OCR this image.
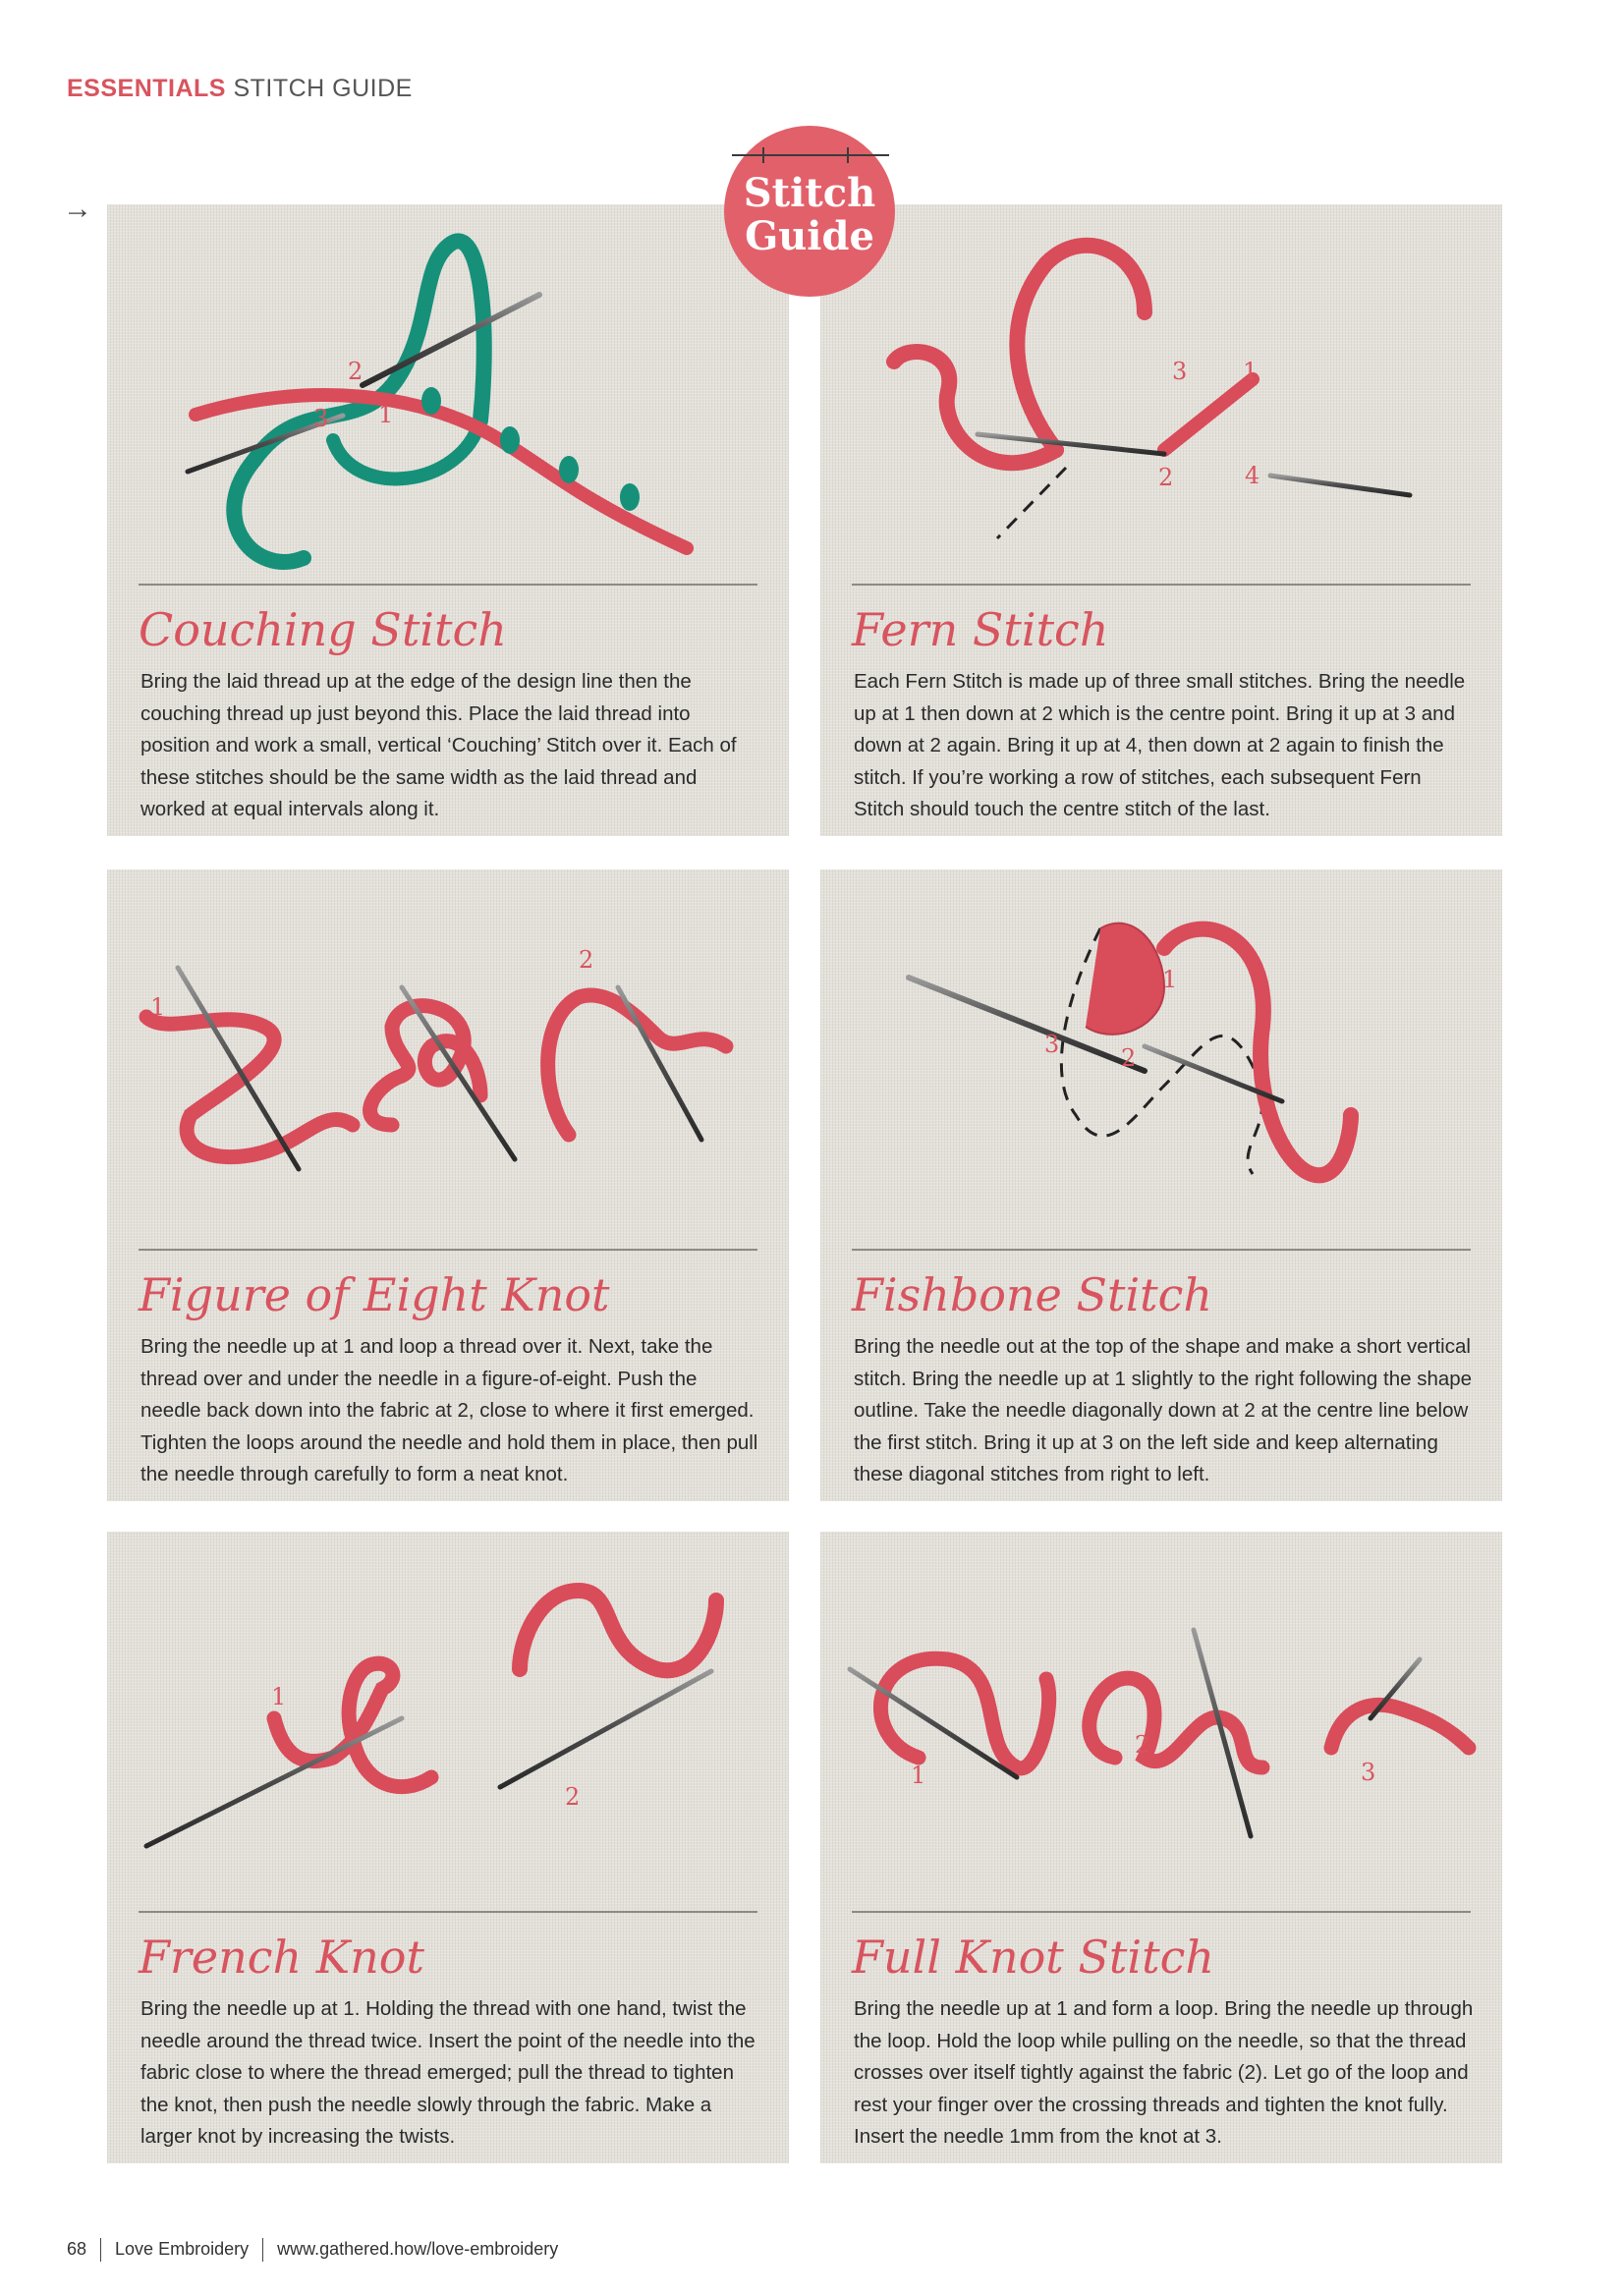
ESSENTIALS STITCH GUIDE
→	Stitch
Guide
2
3 1
Couching Stitch
Bring the laid thread up at the edge of the design line then the couching thread up just beyond this. Place the laid thread into position and work a small, vertical ‘Couching’ Stitch over it. Each of these stitches should be the same width as the laid thread and worked at equal intervals along it.
3 1
2	4
Fern Stitch
Each Fern Stitch is made up of three small stitches. Bring the needle up at 1 then down at 2 which is the centre point. Bring it up at 3 and down at 2 again. Bring it up at 4, then down at 2 again to finish the stitch. If you’re working a row of stitches, each subsequent Fern Stitch should touch the centre stitch of the last.
1
2
Figure of Eight Knot
Bring the needle up at 1 and loop a thread over it. Next, take the thread over and under the needle in a figure-of-eight. Push the needle back down into the fabric at 2, close to where it first emerged. Tighten the loops around the needle and hold them in place, then pull the needle through carefully to form a neat knot.
1
3	2
Fishbone Stitch
Bring the needle out at the top of the shape and make a short vertical stitch. Bring the needle up at 1 slightly to the right following the shape outline. Take the needle diagonally down at 2 at the centre line below the first stitch. Bring it up at 3 on the left side and keep alternating these diagonal stitches from right to left.
1
2
French Knot
Bring the needle up at 1. Holding the thread with one hand, twist the needle around the thread twice. Insert the point of the needle into the fabric close to where the thread emerged; pull the thread to tighten the knot, then push the needle slowly through the fabric. Make a larger knot by increasing the twists.
1
2
3
Full Knot Stitch
Bring the needle up at 1 and form a loop. Bring the needle up through the loop. Hold the loop while pulling on the needle, so that the thread crosses over itself tightly against the fabric (2). Let go of the loop and rest your finger over the crossing threads and tighten the knot fully. Insert the needle 1mm from the knot at 3.
68 Love Embroidery www.gathered.how/love-embroidery
